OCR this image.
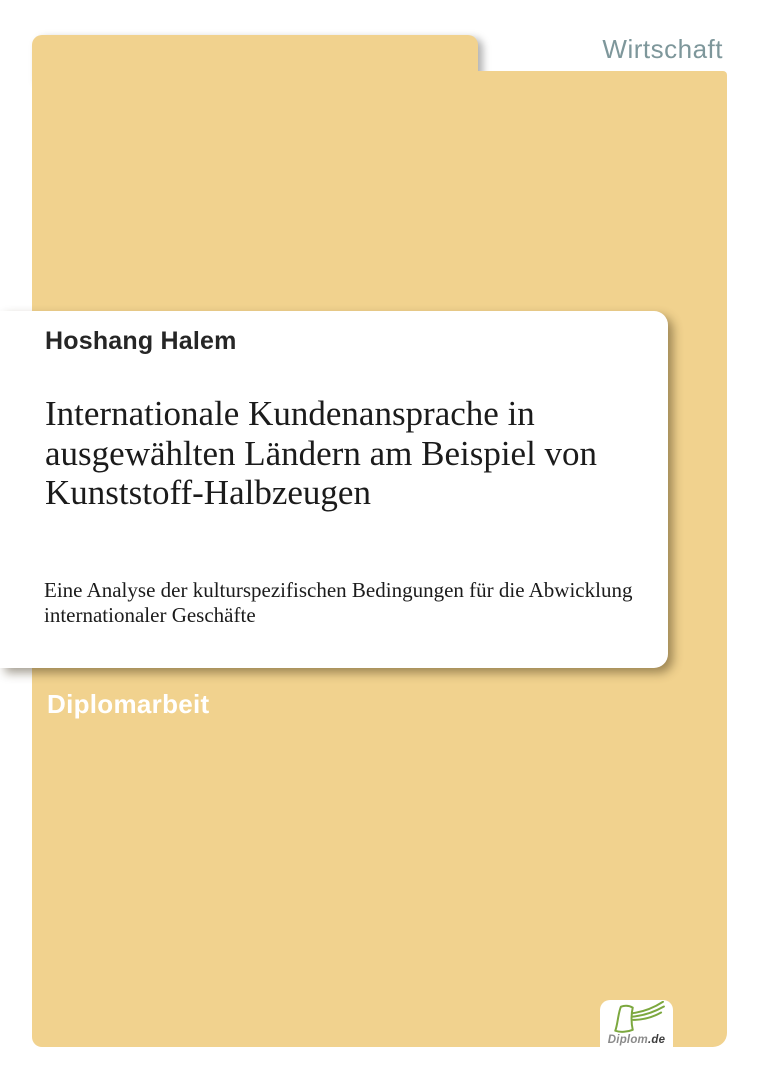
Wirtschaft
Hoshang Halem
Internationale Kundenansprache in ausgewählten Ländern am Beispiel von Kunststoff-Halbzeugen
Eine Analyse der kulturspezifischen Bedingungen für die Abwicklung internationaler Geschäfte
Diplomarbeit
Diplom.de
